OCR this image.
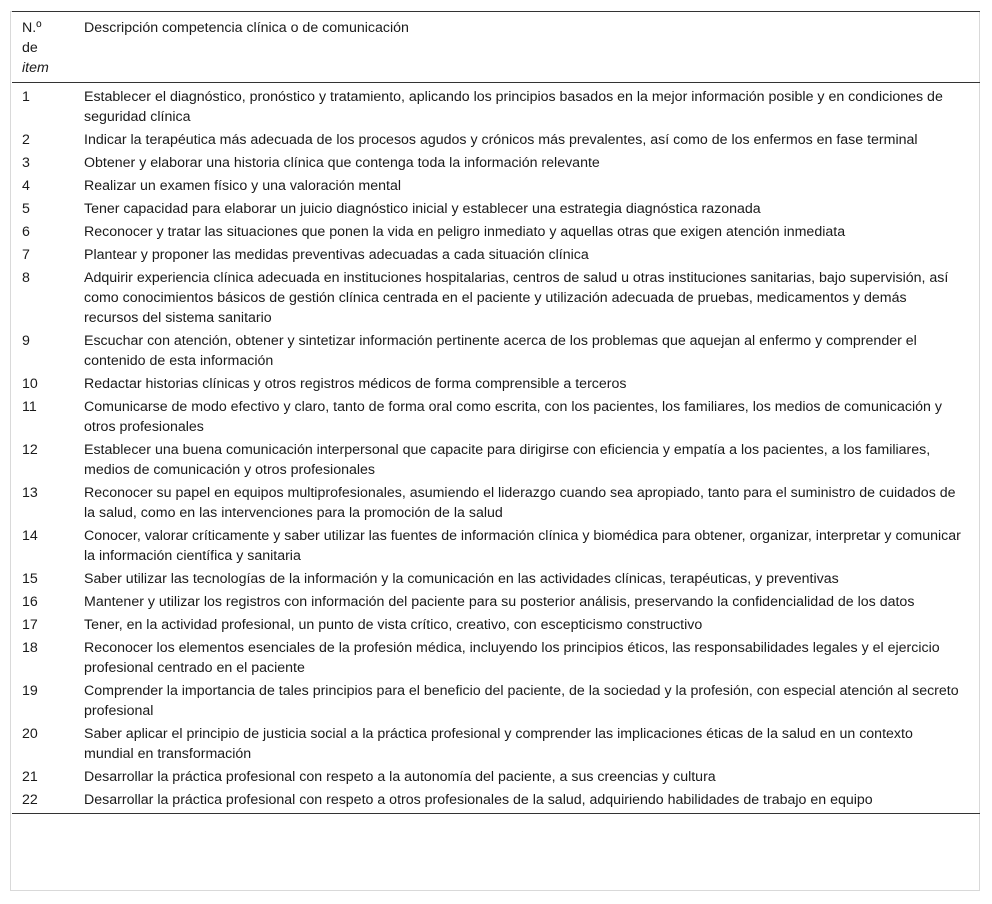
N.º
de
item	Descripción competencia clínica o de comunicación
1	Establecer el diagnóstico, pronóstico y tratamiento, aplicando los principios basados en la mejor información posible y en condiciones de seguridad clínica
2	Indicar la terapéutica más adecuada de los procesos agudos y crónicos más prevalentes, así como de los enfermos en fase terminal
3	Obtener y elaborar una historia clínica que contenga toda la información relevante
4	Realizar un examen físico y una valoración mental
5	Tener capacidad para elaborar un juicio diagnóstico inicial y establecer una estrategia diagnóstica razonada
6	Reconocer y tratar las situaciones que ponen la vida en peligro inmediato y aquellas otras que exigen atención inmediata
7	Plantear y proponer las medidas preventivas adecuadas a cada situación clínica
8	Adquirir experiencia clínica adecuada en instituciones hospitalarias, centros de salud u otras instituciones sanitarias, bajo supervisión, así como conocimientos básicos de gestión clínica centrada en el paciente y utilización adecuada de pruebas, medicamentos y demás recursos del sistema sanitario
9	Escuchar con atención, obtener y sintetizar información pertinente acerca de los problemas que aquejan al enfermo y comprender el contenido de esta información
10	Redactar historias clínicas y otros registros médicos de forma comprensible a terceros
11	Comunicarse de modo efectivo y claro, tanto de forma oral como escrita, con los pacientes, los familiares, los medios de comunicación y otros profesionales
12	Establecer una buena comunicación interpersonal que capacite para dirigirse con eficiencia y empatía a los pacientes, a los familiares, medios de comunicación y otros profesionales
13	Reconocer su papel en equipos multiprofesionales, asumiendo el liderazgo cuando sea apropiado, tanto para el suministro de cuidados de la salud, como en las intervenciones para la promoción de la salud
14	Conocer, valorar críticamente y saber utilizar las fuentes de información clínica y biomédica para obtener, organizar, interpretar y comunicar la información científica y sanitaria
15	Saber utilizar las tecnologías de la información y la comunicación en las actividades clínicas, terapéuticas, y preventivas
16	Mantener y utilizar los registros con información del paciente para su posterior análisis, preservando la confidencialidad de los datos
17	Tener, en la actividad profesional, un punto de vista crítico, creativo, con escepticismo constructivo
18	Reconocer los elementos esenciales de la profesión médica, incluyendo los principios éticos, las responsabilidades legales y el ejercicio profesional centrado en el paciente
19	Comprender la importancia de tales principios para el beneficio del paciente, de la sociedad y la profesión, con especial atención al secreto profesional
20	Saber aplicar el principio de justicia social a la práctica profesional y comprender las implicaciones éticas de la salud en un contexto mundial en transformación
21	Desarrollar la práctica profesional con respeto a la autonomía del paciente, a sus creencias y cultura
22	Desarrollar la práctica profesional con respeto a otros profesionales de la salud, adquiriendo habilidades de trabajo en equipo
